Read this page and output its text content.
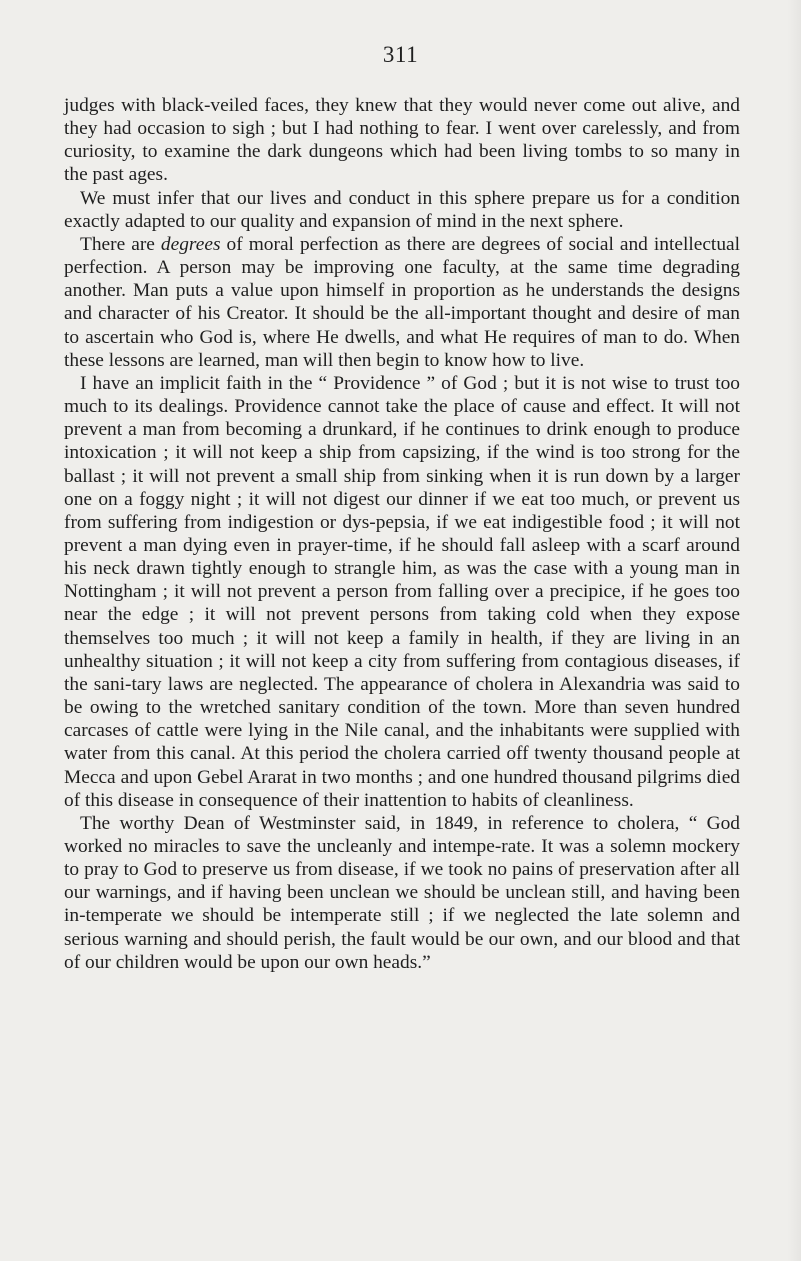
311

judges with black-veiled faces, they knew that they would never come out alive, and they had occasion to sigh ; but I had nothing to fear. I went over carelessly, and from curiosity, to examine the dark dungeons which had been living tombs to so many in the past ages.

We must infer that our lives and conduct in this sphere prepare us for a condition exactly adapted to our quality and expansion of mind in the next sphere.

There are degrees of moral perfection as there are degrees of social and intellectual perfection. A person may be improving one faculty, at the same time degrading another. Man puts a value upon himself in proportion as he understands the designs and character of his Creator. It should be the all-important thought and desire of man to ascertain who God is, where He dwells, and what He requires of man to do. When these lessons are learned, man will then begin to know how to live.

I have an implicit faith in the “ Providence ” of God ; but it is not wise to trust too much to its dealings. Providence cannot take the place of cause and effect. It will not prevent a man from becoming a drunkard, if he continues to drink enough to produce intoxication ; it will not keep a ship from capsizing, if the wind is too strong for the ballast ; it will not prevent a small ship from sinking when it is run down by a larger one on a foggy night ; it will not digest our dinner if we eat too much, or prevent us from suffering from indigestion or dys-pepsia, if we eat indigestible food ; it will not prevent a man dying even in prayer-time, if he should fall asleep with a scarf around his neck drawn tightly enough to strangle him, as was the case with a young man in Nottingham ; it will not prevent a person from falling over a precipice, if he goes too near the edge ; it will not prevent persons from taking cold when they expose themselves too much ; it will not keep a family in health, if they are living in an unhealthy situation ; it will not keep a city from suffering from contagious diseases, if the sani-tary laws are neglected. The appearance of cholera in Alexandria was said to be owing to the wretched sanitary condition of the town. More than seven hundred carcases of cattle were lying in the Nile canal, and the inhabitants were supplied with water from this canal. At this period the cholera carried off twenty thousand people at Mecca and upon Gebel Ararat in two months ; and one hundred thousand pilgrims died of this disease in consequence of their inattention to habits of cleanliness.

The worthy Dean of Westminster said, in 1849, in reference to cholera, “ God worked no miracles to save the uncleanly and intempe-rate. It was a solemn mockery to pray to God to preserve us from disease, if we took no pains of preservation after all our warnings, and if having been unclean we should be unclean still, and having been in-temperate we should be intemperate still ; if we neglected the late solemn and serious warning and should perish, the fault would be our own, and our blood and that of our children would be upon our own heads.”
